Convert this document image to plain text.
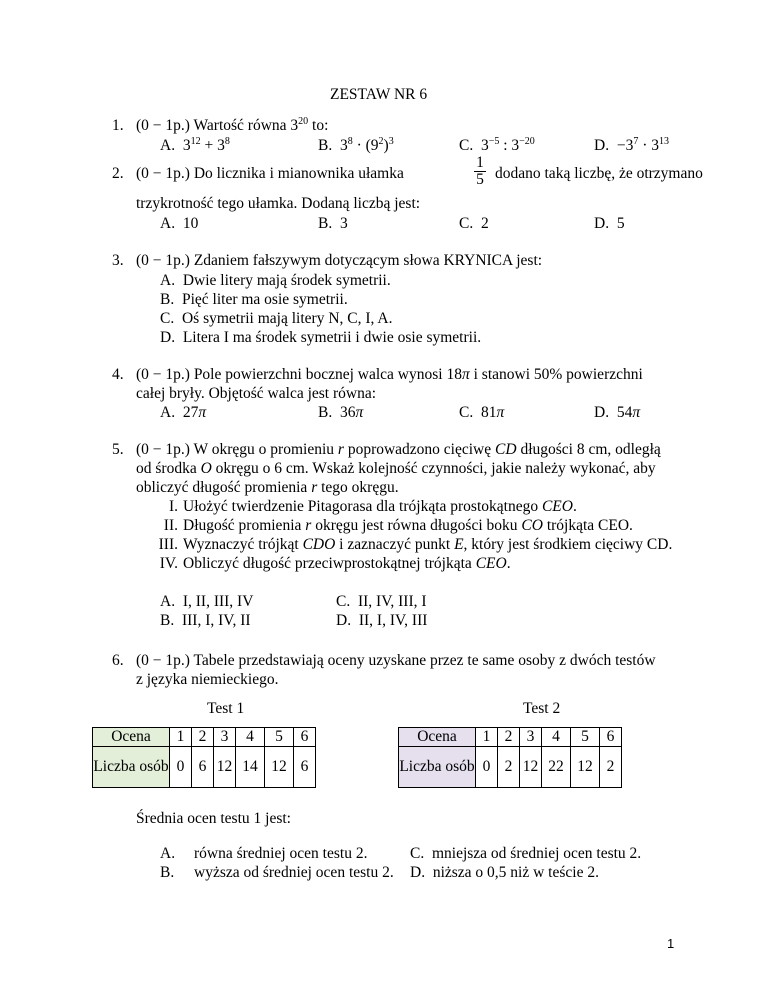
ZESTAW NR 6
1. (0 − 1p.) Wartość równa $3^{20}$ to:
A. $3^{12} + 3^8$	B. $3^8 \cdot (9^2)^3$	C. $3^{-5}$ : $3^{-20}$	D. $-3^7 \cdot 3^{13}$
2. (0 − 1p.) Do licznika i mianownika ułamka
1
5 dodano taką liczbę, że otrzymano
trzykrotność tego ułamka. Dodaną liczbą jest:
A. 10	B. 3	C. 2	D. 5
3. (0 − 1p.) Zdaniem fałszywym dotyczącym słowa KRYNICA jest:
A. Dwie litery mają środek symetrii.
B. Pięć liter ma osie symetrii.
C. Oś symetrii mają litery N, C, I, A.
D. Litera I ma środek symetrii i dwie osie symetrii.
4. (0 − 1p.) Pole powierzchni bocznej walca wynosi 18π i stanowi 50% powierzchni
całej bryły. Objętość walca jest równa:
A. 27π	B. 36π	C. 81π	D. 54π
5. (0 − 1p.) W okręgu o promieniu r poprowadzono cięciwę CD długości 8 cm, odległą
od środka O okręgu o 6 cm. Wskaż kolejność czynności, jakie należy wykonać, aby
obliczyć długość promienia r tego okręgu.
I. Ułożyć twierdzenie Pitagorasa dla trójkąta prostokątnego CEO.
II. Długość promienia r okręgu jest równa długości boku CO trójkąta CEO.
III. Wyznaczyć trójkąt CDO i zaznaczyć punkt E, który jest środkiem cięciwy CD.
IV. Obliczyć długość przeciwprostokątnej trójkąta CEO.
A. I, II, III, IV
B. III, I, IV, II
C. II, IV, III, I
D. II, I, IV, III
6. (0 − 1p.) Tabele przedstawiają oceny uzyskane przez te same osoby z dwóch testów
z języka niemieckiego.
Test 1	Test 2
Ocena	1	2	3	4	5	6
Liczba osób	0	6	12	14	12	6
Ocena	1	2	3	4	5	6
Liczba osób	0	2	12	22	12	2
Średnia ocen testu 1 jest:
A. równa średniej ocen testu 2.
B. wyższa od średniej ocen testu 2.
C. mniejsza od średniej ocen testu 2.
D. niższa o 0,5 niż w teście 2.
1
